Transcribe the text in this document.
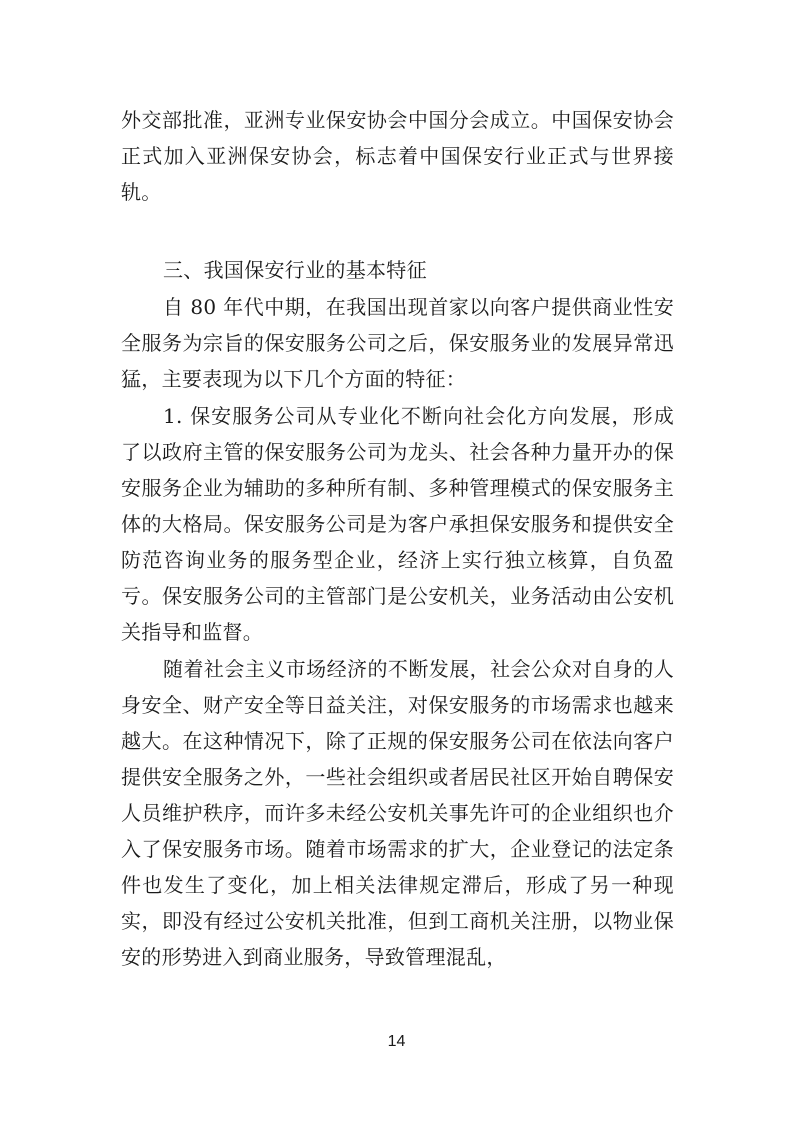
外交部批准，亚洲专业保安协会中国分会成立。中国保安协会正式加入亚洲保安协会，标志着中国保安行业正式与世界接轨。

三、我国保安行业的基本特征

自 80 年代中期，在我国出现首家以向客户提供商业性安全服务为宗旨的保安服务公司之后，保安服务业的发展异常迅猛，主要表现为以下几个方面的特征：

1. 保安服务公司从专业化不断向社会化方向发展，形成了以政府主管的保安服务公司为龙头、社会各种力量开办的保安服务企业为辅助的多种所有制、多种管理模式的保安服务主体的大格局。保安服务公司是为客户承担保安服务和提供安全防范咨询业务的服务型企业，经济上实行独立核算，自负盈亏。保安服务公司的主管部门是公安机关，业务活动由公安机关指导和监督。

随着社会主义市场经济的不断发展，社会公众对自身的人身安全、财产安全等日益关注，对保安服务的市场需求也越来越大。在这种情况下，除了正规的保安服务公司在依法向客户提供安全服务之外，一些社会组织或者居民社区开始自聘保安人员维护秩序，而许多未经公安机关事先许可的企业组织也介入了保安服务市场。随着市场需求的扩大，企业登记的法定条件也发生了变化，加上相关法律规定滞后，形成了另一种现实，即没有经过公安机关批准，但到工商机关注册，以物业保安的形势进入到商业服务，导致管理混乱，

14
